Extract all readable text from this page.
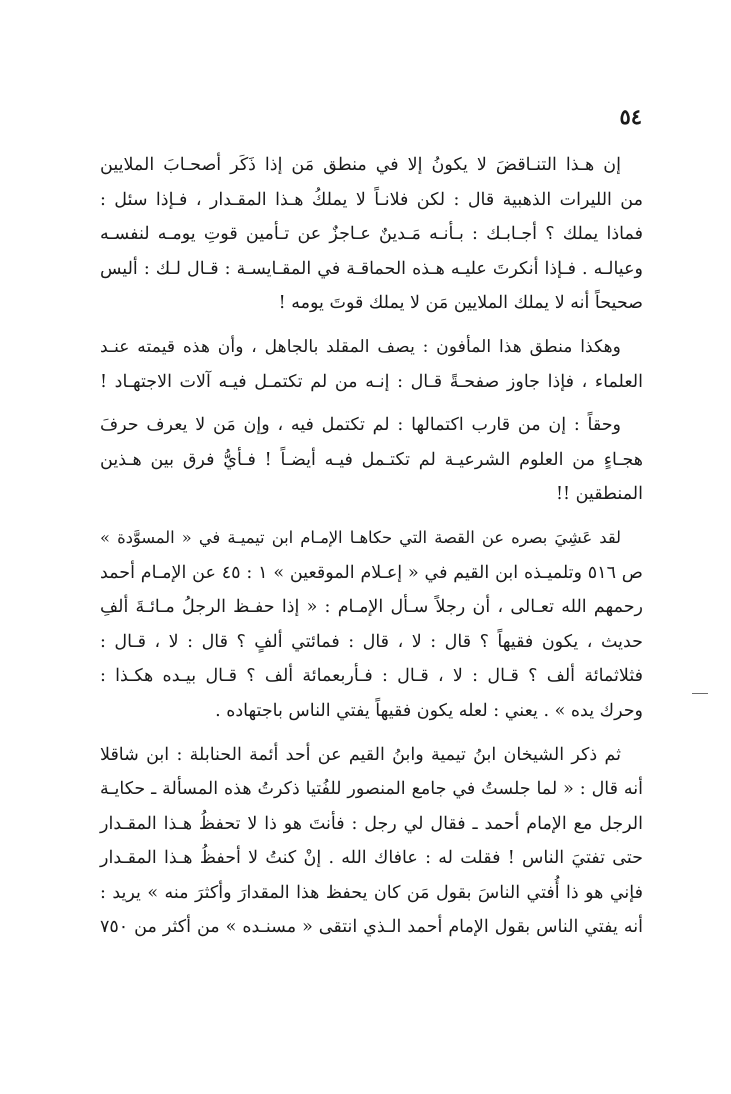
٥٤

إن هـذا التنـاقضَ لا يكونُ إلا في منطق مَن إذا ذَكَر أصحـابَ الملايين
من الليرات الذهبية قال : لكن فلانـاً لا يملكُ هـذا المقـدار ، فـإذا سئل :
فماذا يملك ؟ أجـابـك : بـأنـه مَـدينٌ عـاجزٌ عن تـأمين قوتِ يومـه لنفسـه
وعيالـه . فـإذا أنكرتَ عليـه هـذه الحماقـة في المقـايسـة : قـال لـك : أليس
صحيحاً أنه لا يملك الملايين مَن لا يملك قوتَ يومه !

وهكذا منطق هذا المأفون : يصف المقلد بالجاهل ، وأن هذه قيمته عنـد
العلماء ، فإذا جاوز صفحـةً قـال : إنـه من لم تكتمـل فيـه آلات الاجتهـاد !

وحقاً : إن من قارب اكتمالها : لم تكتمل فيه ، وإن مَن لا يعرف حرفَ
هجـاءٍ من العلوم الشرعيـة لم تكتـمل فيـه أيضـاً ! فـأيُّ فرق بين هـذين
المنطقين !!

لقد عَشِيَ بصره عن القصة التي حكاهـا الإمـام ابن تيميـة في « المسوَّدة »
ص ٥١٦ وتلميـذه ابن القيم في « إعـلام الموقعين » ١ : ٤٥ عن الإمـام أحمد
رحمهم الله تعـالى ، أن رجلاً سـأل الإمـام : « إذا حفـظ الرجلُ مـائـةَ ألفِ
حديث ، يكون فقيهاً ؟ قال : لا ، قال : فمائتي ألفٍ ؟ قال : لا ، قـال :
فثلاثمائة ألف ؟ قـال : لا ، قـال : فـأربعمائة ألف ؟ قـال بيـده هكـذا :
وحرك يده » . يعني : لعله يكون فقيهاً يفتي الناس باجتهاده .

ثم ذكر الشيخان ابنُ تيمية وابنُ القيم عن أحد أئمة الحنابلة : ابن شاقلا
أنه قال : « لما جلستُ في جامع المنصور للفُتيا ذكرتُ هذه المسألة ـ حكايـة
الرجل مع الإمام أحمد ـ فقال لي رجل : فأنتَ هو ذا لا تحفظُ هـذا المقـدار
حتى تفتيَ الناس ! فقلت له : عافاك الله . إنْ كنتُ لا أحفظُ هـذا المقـدار
فإني هو ذا أُفتي الناسَ بقول مَن كان يحفظ هذا المقدارَ وأكثرَ منه » يريد :
أنه يفتي الناس بقول الإمام أحمد الـذي انتقى « مسنـده » من أكثر من ٧٥٠
